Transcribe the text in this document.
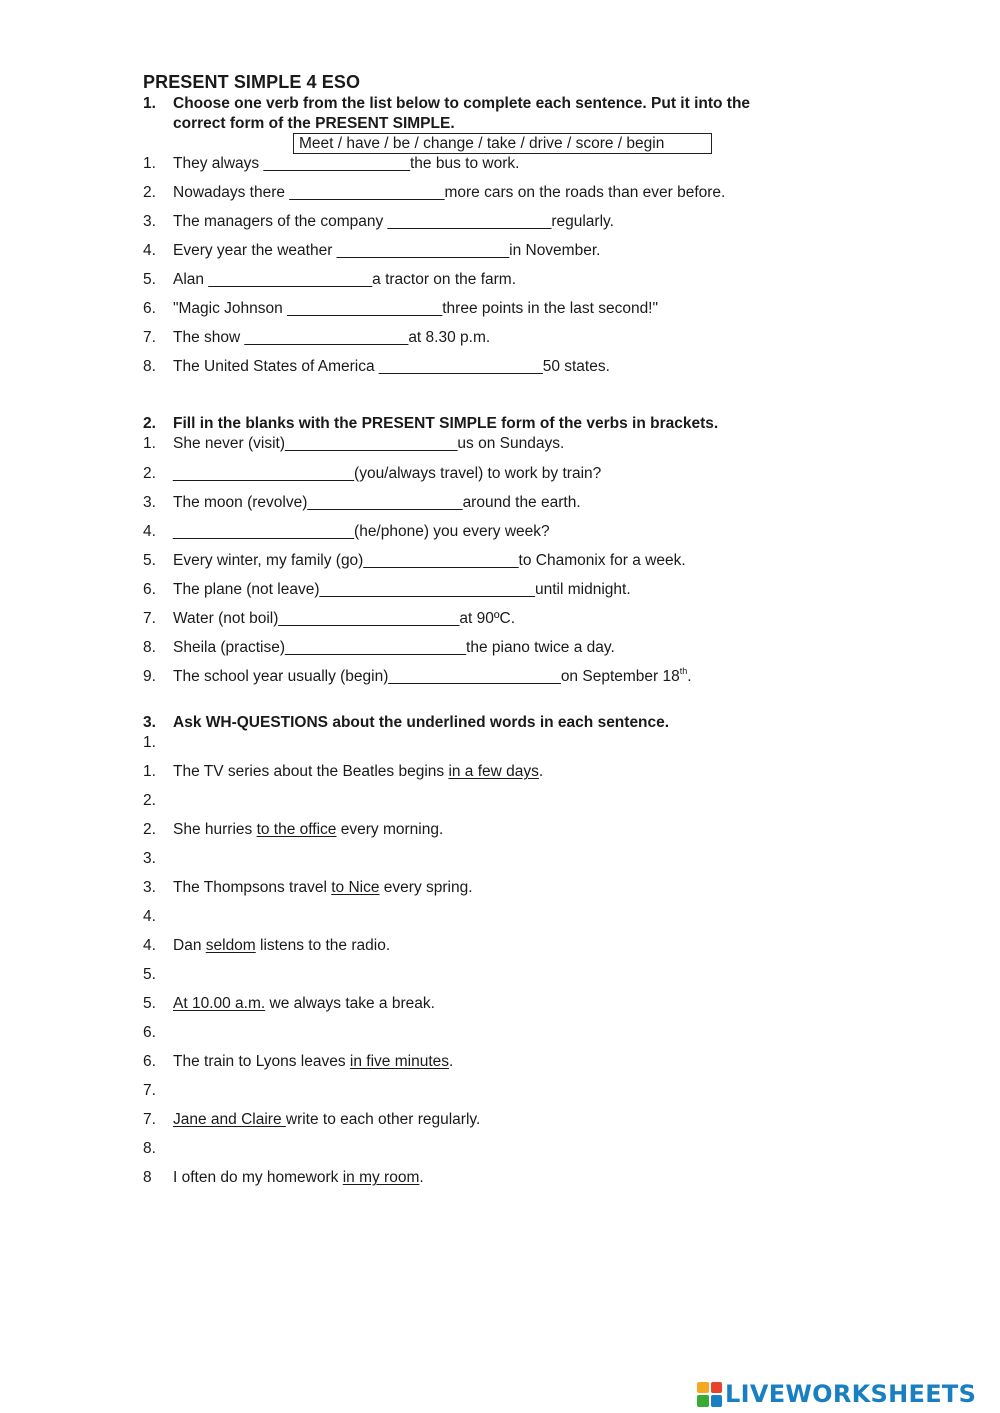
PRESENT SIMPLE 4 ESO
1.	Choose one verb from the list below to complete each sentence. Put it into the
correct form of the PRESENT SIMPLE.
Meet / have / be / change / take / drive / score / begin
1.	They always _________________the bus to work.
2.	Nowadays there __________________more cars on the roads than ever before.
3.	The managers of the company ___________________regularly.
4.	Every year the weather ____________________in November.
5.	Alan ___________________a tractor on the farm.
6.	"Magic Johnson __________________three points in the last second!"
7.	The show ___________________at 8.30 p.m.
8.	The United States of America ___________________50 states.
2.	Fill in the blanks with the PRESENT SIMPLE form of the verbs in brackets.
1.	She never (visit)____________________us on Sundays.
2.	_____________________(you/always travel) to work by train?
3.	The moon (revolve)__________________around the earth.
4.	_____________________(he/phone) you every week?
5.	Every winter, my family (go)__________________to Chamonix for a week.
6.	The plane (not leave)_________________________until midnight.
7.	Water (not boil)_____________________at 90ºC.
8.	Sheila (practise)_____________________the piano twice a day.
9.	The school year usually (begin)____________________on September 18th.
3.	Ask WH-QUESTIONS about the underlined words in each sentence.
1.
1.	The TV series about the Beatles begins in a few days.
2.
2.	She hurries to the office every morning.
3.
3.	The Thompsons travel to Nice every spring.
4.
4.	Dan seldom listens to the radio.
5.
5.	At 10.00 a.m. we always take a break.
6.
6.	The train to Lyons leaves in five minutes.
7.
7.	Jane and Claire write to each other regularly.
8.
8	I often do my homework in my room.
LIVEWORKSHEETS
